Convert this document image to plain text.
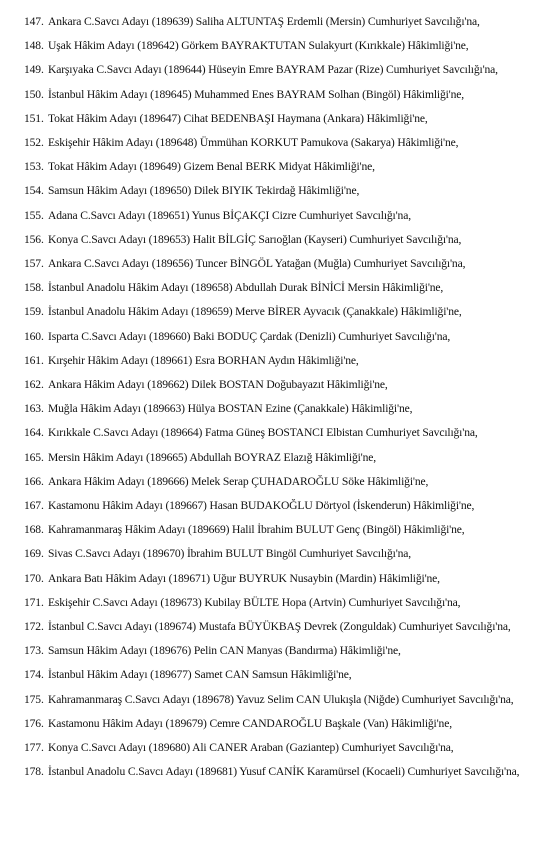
147. Ankara C.Savcı Adayı (189639) Saliha ALTUNTAŞ Erdemli (Mersin) Cumhuriyet Savcılığı'na,
148. Uşak Hâkim Adayı (189642) Görkem BAYRAKTUTAN Sulakyurt (Kırıkkale) Hâkimliği'ne,
149. Karşıyaka C.Savcı Adayı (189644) Hüseyin Emre BAYRAM Pazar (Rize) Cumhuriyet Savcılığı'na,
150. İstanbul Hâkim Adayı (189645) Muhammed Enes BAYRAM Solhan (Bingöl) Hâkimliği'ne,
151. Tokat Hâkim Adayı (189647) Cihat BEDENBAŞI Haymana (Ankara) Hâkimliği'ne,
152. Eskişehir Hâkim Adayı (189648) Ümmühan KORKUT Pamukova (Sakarya) Hâkimliği'ne,
153. Tokat Hâkim Adayı (189649) Gizem Benal BERK Midyat Hâkimliği'ne,
154. Samsun Hâkim Adayı (189650) Dilek BIYIK Tekirdağ Hâkimliği'ne,
155. Adana C.Savcı Adayı (189651) Yunus BİÇAKÇI Cizre Cumhuriyet Savcılığı'na,
156. Konya C.Savcı Adayı (189653) Halit BİLGİÇ Sarıoğlan (Kayseri) Cumhuriyet Savcılığı'na,
157. Ankara C.Savcı Adayı (189656) Tuncer BİNGÖL Yatağan (Muğla) Cumhuriyet Savcılığı'na,
158. İstanbul Anadolu Hâkim Adayı (189658) Abdullah Durak BİNİCİ Mersin Hâkimliği'ne,
159. İstanbul Anadolu Hâkim Adayı (189659) Merve BİRER Ayvacık (Çanakkale) Hâkimliği'ne,
160. Isparta C.Savcı Adayı (189660) Baki BODUÇ Çardak (Denizli) Cumhuriyet Savcılığı'na,
161. Kırşehir Hâkim Adayı (189661) Esra BORHAN Aydın Hâkimliği'ne,
162. Ankara Hâkim Adayı (189662) Dilek BOSTAN Doğubayazıt Hâkimliği'ne,
163. Muğla Hâkim Adayı (189663) Hülya BOSTAN Ezine (Çanakkale) Hâkimliği'ne,
164. Kırıkkale C.Savcı Adayı (189664) Fatma Güneş BOSTANCI Elbistan Cumhuriyet Savcılığı'na,
165. Mersin Hâkim Adayı (189665) Abdullah BOYRAZ Elazığ Hâkimliği'ne,
166. Ankara Hâkim Adayı (189666) Melek Serap ÇUHADAROĞLU Söke Hâkimliği'ne,
167. Kastamonu Hâkim Adayı (189667) Hasan BUDAKOĞLU Dörtyol (İskenderun) Hâkimliği'ne,
168. Kahramanmaraş Hâkim Adayı (189669) Halil İbrahim BULUT Genç (Bingöl) Hâkimliği'ne,
169. Sivas C.Savcı Adayı (189670) İbrahim BULUT Bingöl Cumhuriyet Savcılığı'na,
170. Ankara Batı Hâkim Adayı (189671) Uğur BUYRUK Nusaybin (Mardin) Hâkimliği'ne,
171. Eskişehir C.Savcı Adayı (189673) Kubilay BÜLTE Hopa (Artvin) Cumhuriyet Savcılığı'na,
172. İstanbul C.Savcı Adayı (189674) Mustafa BÜYÜKBAŞ Devrek (Zonguldak) Cumhuriyet Savcılığı'na,
173. Samsun Hâkim Adayı (189676) Pelin CAN Manyas (Bandırma) Hâkimliği'ne,
174. İstanbul Hâkim Adayı (189677) Samet CAN Samsun Hâkimliği'ne,
175. Kahramanmaraş C.Savcı Adayı (189678) Yavuz Selim CAN Ulukışla (Niğde) Cumhuriyet Savcılığı'na,
176. Kastamonu Hâkim Adayı (189679) Cemre CANDAROĞLU Başkale (Van) Hâkimliği'ne,
177. Konya C.Savcı Adayı (189680) Ali CANER Araban (Gaziantep) Cumhuriyet Savcılığı'na,
178. İstanbul Anadolu C.Savcı Adayı (189681) Yusuf CANİK Karamürsel (Kocaeli) Cumhuriyet Savcılığı'na,
